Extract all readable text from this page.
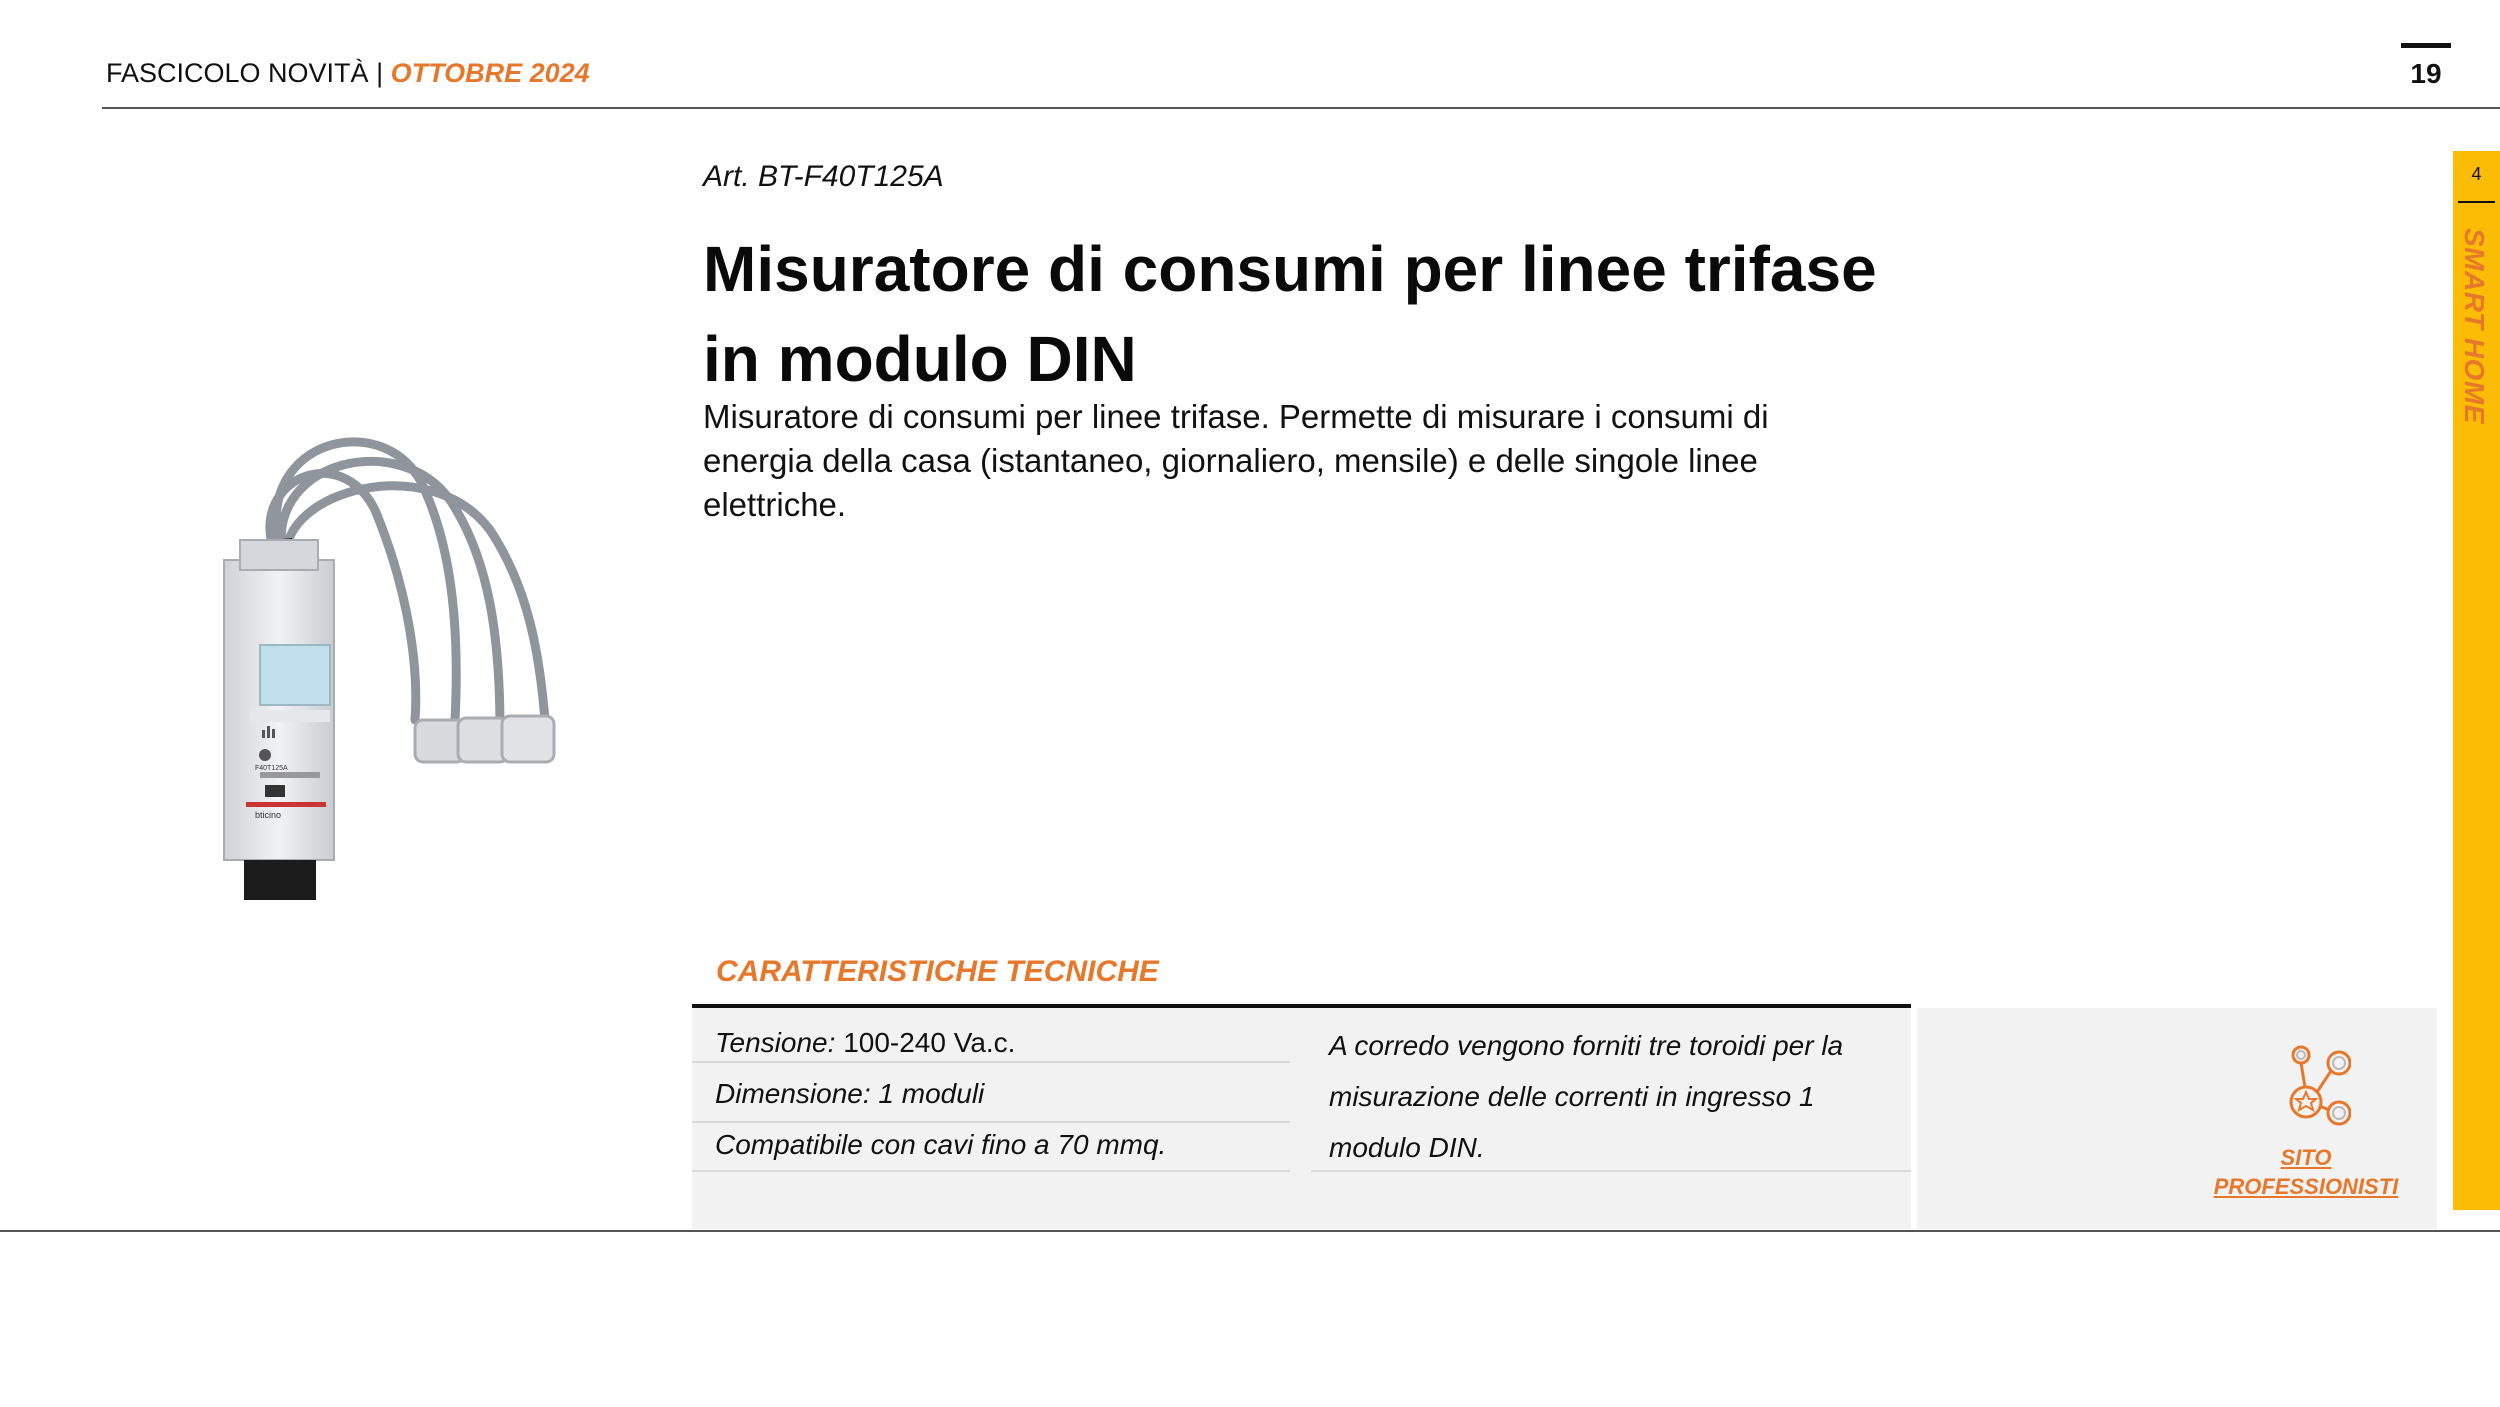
FASCICOLO NOVITÀ | OTTOBRE 2024	19
4
SMART HOME
Art. BT-F40T125A
Misuratore di consumi per linee trifase
in modulo DIN

Misuratore di consumi per linee trifase. Permette di misurare i consumi di energia della casa (istantaneo, giornaliero, mensile) e delle singole linee elettriche.

bticino
F40T125A
CARATTERISTICHE TECNICHE
Tensione: 100-240 Va.c.
Dimensione: 1 moduli
Compatibile con cavi fino a 70 mmq.

A corredo vengono forniti tre toroidi per la misurazione delle correnti in ingresso 1 modulo DIN.	SITO
PROFESSIONISTI
